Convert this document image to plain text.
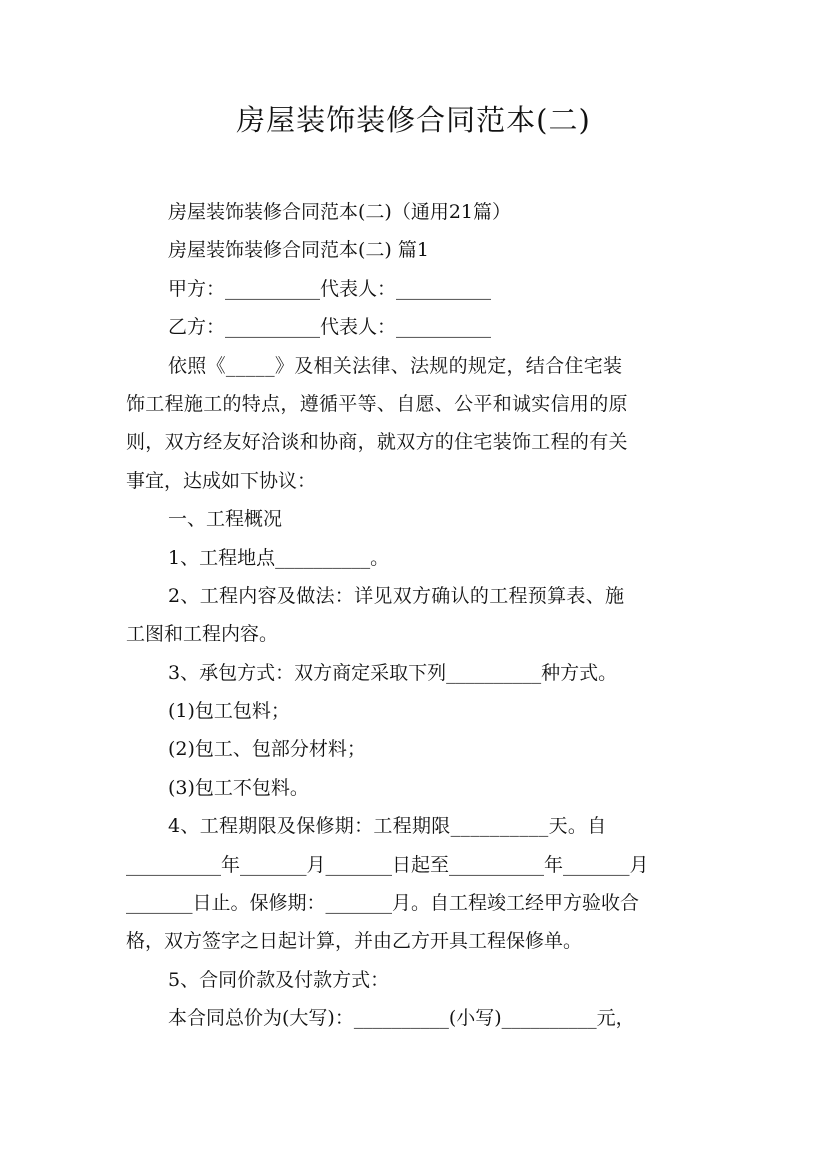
房屋装饰装修合同范本(二)
房屋装饰装修合同范本(二)（通用21篇）
房屋装饰装修合同范本(二) 篇1
甲方：__________代表人：__________
乙方：__________代表人：__________
依照《_____》及相关法律、法规的规定，结合住宅装
饰工程施工的特点，遵循平等、自愿、公平和诚实信用的原
则，双方经友好洽谈和协商，就双方的住宅装饰工程的有关
事宜，达成如下协议：
一、工程概况
1、工程地点__________。
2、工程内容及做法：详见双方确认的工程预算表、施
工图和工程内容。
3、承包方式：双方商定采取下列__________种方式。
(1)包工包料；
(2)包工、包部分材料；
(3)包工不包料。
4、工程期限及保修期：工程期限__________天。自
__________年_______月_______日起至__________年_______月
_______日止。保修期：_______月。自工程竣工经甲方验收合
格，双方签字之日起计算，并由乙方开具工程保修单。
5、合同价款及付款方式：
本合同总价为(大写)：__________(小写)__________元，
